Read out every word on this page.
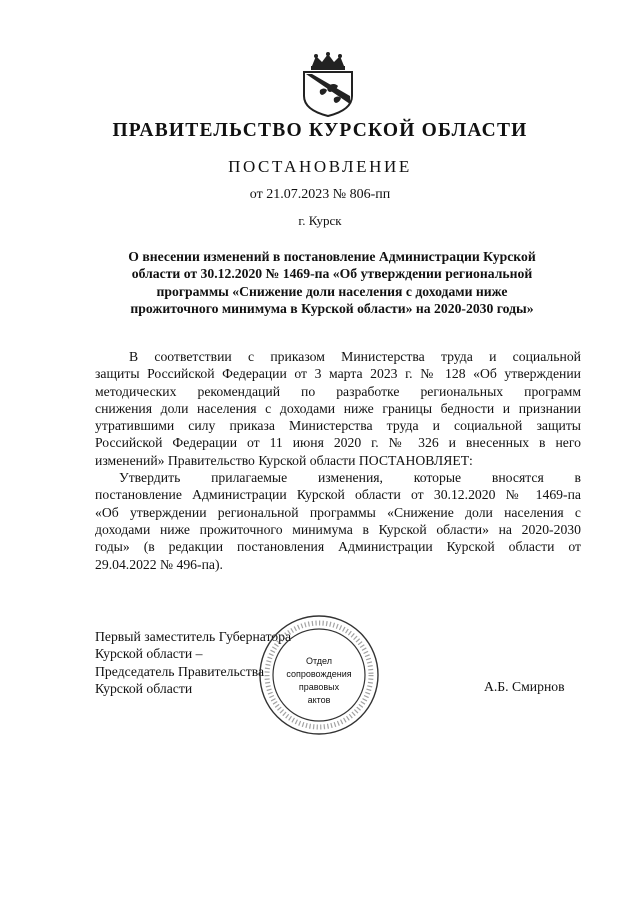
ПРАВИТЕЛЬСТВО КУРСКОЙ ОБЛАСТИ
ПОСТАНОВЛЕНИЕ
от 21.07.2023 № 806-пп
г. Курск
О внесении изменений в постановление Администрации Курской
области от 30.12.2020 № 1469-па «Об утверждении региональной
программы «Снижение доли населения с доходами ниже
прожиточного минимума в Курской области» на 2020-2030 годы»
В соответствии с приказом Министерства труда и социальной
защиты Российской Федерации от 3 марта 2023 г. № 128 «Об утверждении
методических рекомендаций по разработке региональных программ
снижения доли населения с доходами ниже границы бедности и признании
утратившими силу приказа Министерства труда и социальной защиты
Российской Федерации от 11 июня 2020 г. № 326 и внесенных в него
изменений» Правительство Курской области ПОСТАНОВЛЯЕТ:
Утвердить прилагаемые изменения, которые вносятся в
постановление Администрации Курской области от 30.12.2020 № 1469-па
«Об утверждении региональной программы «Снижение доли населения с
доходами ниже прожиточного минимума в Курской области» на 2020-2030
годы» (в редакции постановления Администрации Курской области от
29.04.2022 № 496-па).
Первый заместитель Губернатора
Курской области –
Председатель Правительства
Курской области	А.Б. Смирнов
Отдел
сопровождения
правовых
актов
